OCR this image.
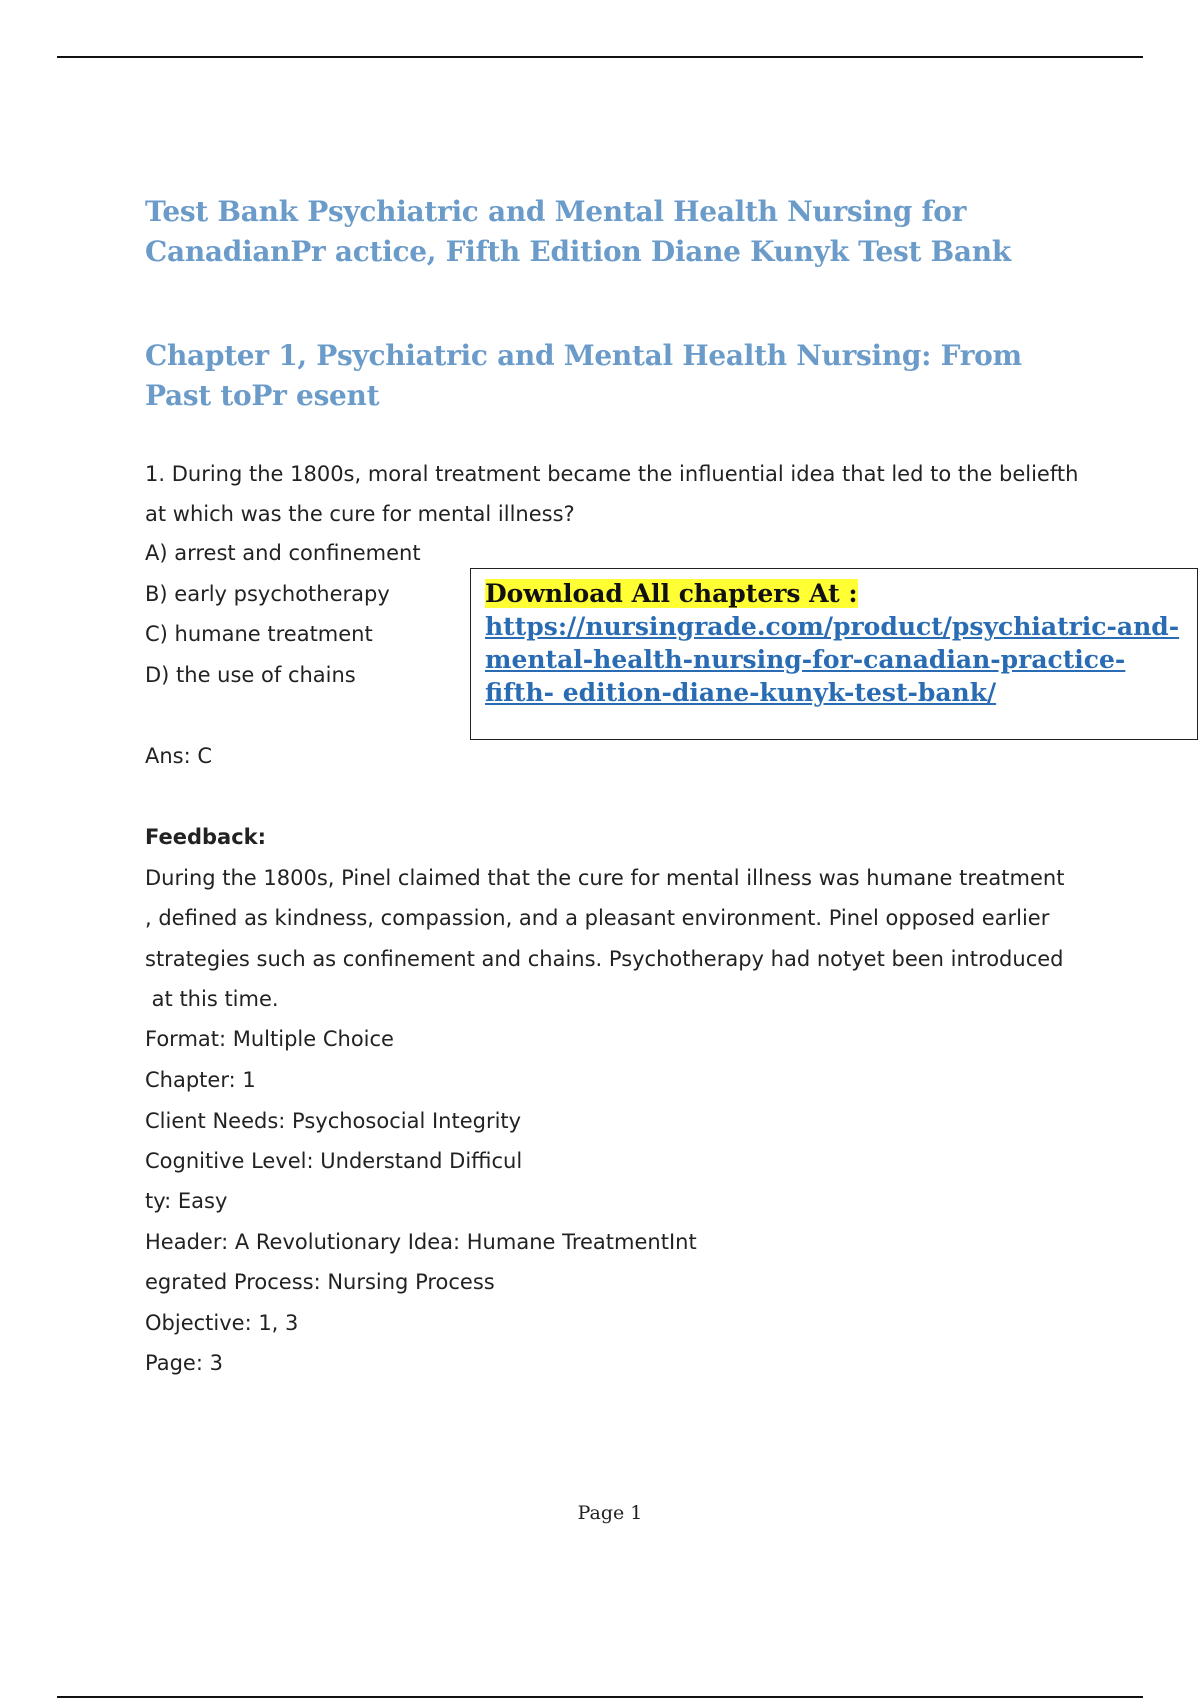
Test Bank Psychiatric and Mental Health Nursing for CanadianPr actice, Fifth Edition Diane Kunyk Test Bank
Chapter 1, Psychiatric and Mental Health Nursing: From Past toPr esent
1. During the 1800s, moral treatment became the influential idea that led to the beliefth
at which was the cure for mental illness?
A) arrest and confinement
B) early psychotherapy
C) humane treatment
D) the use of chains
Download All chapters At : https://nursingrade.com/product/psychiatric-and-mental-health-nursing-for-canadian-practice-fifth- edition-diane-kunyk-test-bank/
Ans: C
Feedback:
During the 1800s, Pinel claimed that the cure for mental illness was humane treatment
, defined as kindness, compassion, and a pleasant environment. Pinel opposed earlier
strategies such as confinement and chains. Psychotherapy had notyet been introduced
at this time.
Format: Multiple Choice
Chapter: 1
Client Needs: Psychosocial Integrity
Cognitive Level: Understand Difficul
ty: Easy
Header: A Revolutionary Idea: Humane TreatmentInt
egrated Process: Nursing Process
Objective: 1, 3
Page: 3
Page 1
